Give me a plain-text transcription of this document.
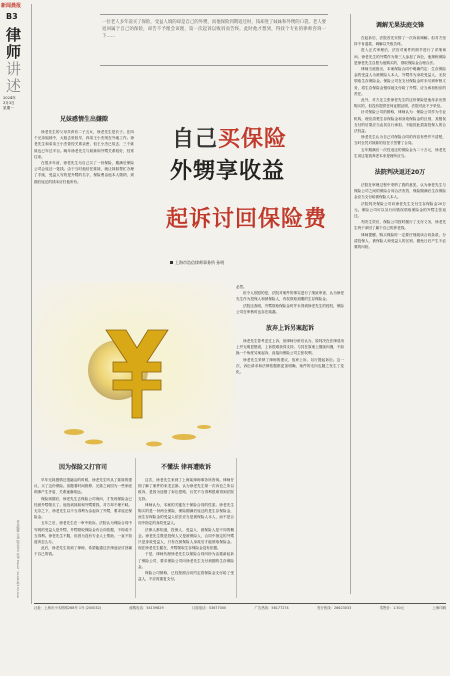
新闻晨报
B3
律
师
讲
述
2024年
3月3日
星期一
责任编辑 王旭 版式设计 李伟 Email：xwcbls@163.com
一位老人多年前买了保险，受益人填的却是自己的外甥，而他保险到期返还时，钱却进了妹妹和外甥的口袋。老人要退回属于自己的保险，却告不予理会该理，第一次起诉以败诉而告终。此时他才想到，得找个专业的律师咨询一下……
兄妹感情生出嫌隙
徐老先生的父母共育有二子五女，徐老先生是长子。在四个兄弟姐妹中，大姐去世较早，四弟王小杰则在外地工作。徐老先生和弟弟王小杰曾经关系亲密，但王小杰已故去，三个妹妹也已年过半百。晚年徐老先生与妹妹和外甥关系较好，经常往来。
在很多年前，徐老先生为自己买了一份保险，期满后保险公司会返还一笔钱。由于当时他信任妹妹，就让妹妹帮忙办理了手续，受益人写的是外甥的名字，保险费由他本人缴纳，到期后返还的钱本应归他所有。
自己买保险
外甥享收益
起诉讨回保险费
上海市浩信律师事务所 孙明
必然。
但令人欣慰的是，法院对案件的事实进行了细致审查，认为徐老先生作为投保人和被保险人，有权领取到期的生存保险金。
法院还查明，外甥领取保险金时并未得到徐老先生的授权，保险公司在审核时也存在疏漏。
放弃上诉另案起诉
徐老先生曾考虑过上诉，但律师分析后认为，原判决在法律适用上并无明显错误，上诉很难获得支持。与其在原案上继续纠缠，不如换一个角度另案起诉，直接向保险公司主张权利。
徐老先生采纳了律师的建议，放弃上诉，另行提起诉讼。这一次，诉讼请求和法律依据都更加明确，案件的走向也随之发生了变化。
因为保险又打官司
早年兄妹感情还很融洽的时候，徐老先生听从了妹妹的建议，买了这份保险。但随着时间推移，兄妹之间因为一些家庭琐事产生矛盾，关系逐渐疏远。
保险到期后，徐老先生去保险公司询问，才发现保险金已经被外甥领走了。他找到妹妹和外甥要钱，对方却不理不睬。无奈之下，徐老先生以不当得利为由起诉了外甥，要求返还保险金。
五年之后，徐老先生在一审中败诉。法院认为保险合同中写明的受益人是外甥，外甥领取保险金有合同依据，不构成不当得利。徐老先生不服，但因为没有专业人士帮助，一直不知道该怎么办。
此后，徐老先生找到了律师，希望能通过法律途径讨回属于自己的钱。
不懂法 律再遭败诉
这次，徐老先生来到了上海某律师事务所咨询。律师仔细了解了案件的来龙去脉，认为徐老先生第一次诉讼之所以败诉，是因为选错了诉讼思路，仅凭不当得利很难得到法院支持。
律师认为，本案的关键在于保险合同的性质。徐老先生购买的是一份两全保险，保险期满后返还的是生存保险金，而生存保险金的受益人依法应当是被保险人本人，而不是合同中指定的身故受益人。
法律人都知道，投保人、受益人、被保险人是不同的概念。徐老先生既是投保人又是被保险人，合同中指定的外甥只是身故受益人，只有在被保险人身故后才能领取保险金。现在徐老先生健在，外甥领取生存保险金没有依据。
于是，律师代理徐老先生以保险合同纠纷为由重新起诉了保险公司，要求保险公司向徐老先生支付到期的生存保险金。
保险公司辩称，已经按照合同约定将保险金支付给了受益人，不应再重复支付。
调解无果法庭交锋
在起诉后，法院首先安排了一次诉前调解。但对方坚持不肯退款，调解以失败告终。
进入正式审理后，法官对案件的细节进行了详细询问。徐老先生的外甥作为第三人参加了诉讼，他辩称保险是徐老先生自愿为他购买的，领取保险金合理合法。
律师当庭指出，本案保险合同中明确约定：生存保险金的受益人为被保险人本人，外甥作为身故受益人，无权领取生存保险金。保险公司在支付保险金时未尽到审核义务，将生存保险金错误地支付给了外甥，应当承担相应的责任。
此外，对方还主张徐老先生的这份保险是他母亲出资购买的，但没有提供任何证据证明，法院对此不予采信。
针对保险公司的辩称，律师认为：保险公司作为专业机构，理应清楚生存保险金和身故保险金的区别，其错误支付的后果应当由其自行承担，不能因此损害投保人的合法权益。
徐老先生认为自己对保险合同的内容有些并不清楚，当时全凭对妹妹的信任才签署了合同。
五年期满后一次性返还的保险金为二十万元，徐老先生用这笔钱养老本来是理所应当。
法院判决返还20万
法院在审理过程中采纳了我的意见，认为徐老先生与保险公司之间的保险合同合法有效，保险期满后生存保险金应当支付给被保险人本人。
法院判决保险公司向徐老先生支付生存保险金20万元。保险公司可以另行向错误领取保险金的外甥主张返还。
判决生效后，保险公司按时履行了支付义务，徐老先生终于拿回了属于自己的养老钱。
律师提醒，购买保险时一定要仔细阅读合同条款，分清投保人、被保险人和受益人的区别，避免日后产生不必要的纠纷。
社址：上海市小木桥路268号 1号 (200032)	邮购电话：54159829	订阅电话：53677000	广告热线：56177274	发行热线：26623033	零售价：1.50元	上海印刷
